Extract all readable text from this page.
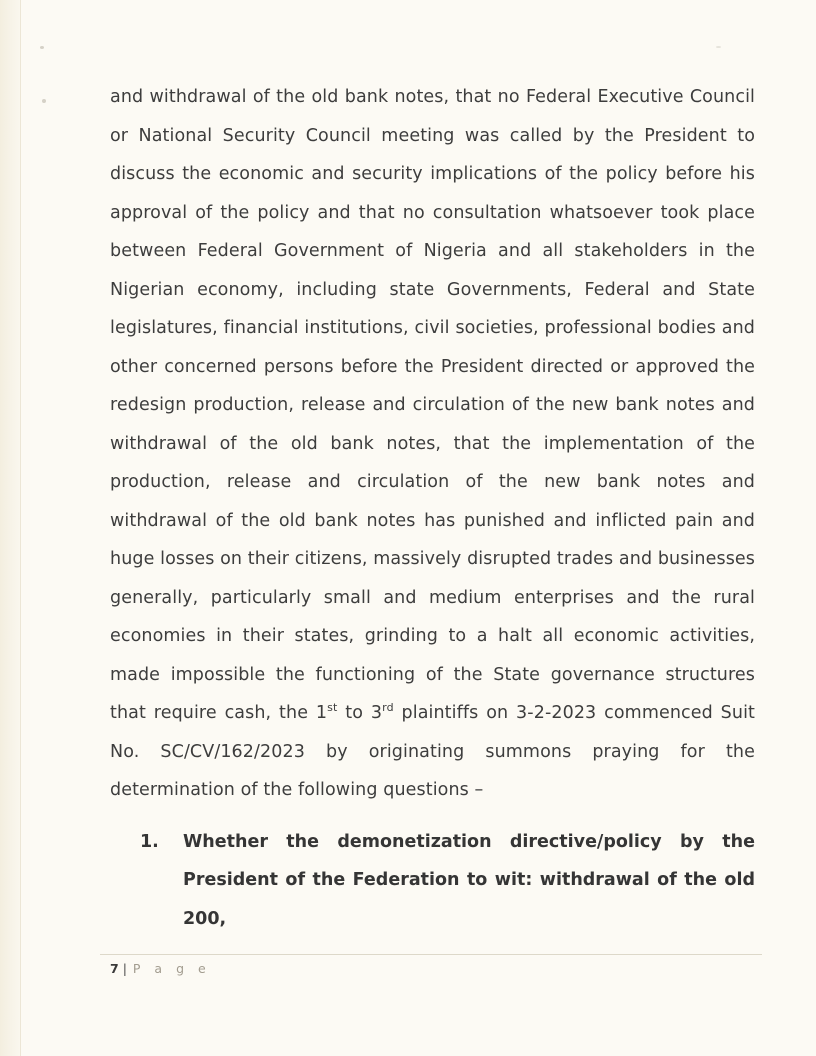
and withdrawal of the old bank notes, that no Federal Executive Council or National Security Council meeting was called by the President to discuss the economic and security implications of the policy before his approval of the policy and that no consultation whatsoever took place between Federal Government of Nigeria and all stakeholders in the Nigerian economy, including state Governments, Federal and State legislatures, financial institutions, civil societies, professional bodies and other concerned persons before the President directed or approved the redesign production, release and circulation of the new bank notes and withdrawal of the old bank notes, that the implementation of the production, release and circulation of the new bank notes and withdrawal of the old bank notes has punished and inflicted pain and huge losses on their citizens, massively disrupted trades and businesses generally, particularly small and medium enterprises and the rural economies in their states, grinding to a halt all economic activities, made impossible the functioning of the State governance structures that require cash, the 1st to 3rd plaintiffs on 3-2-2023 commenced Suit No. SC/CV/162/2023 by originating summons praying for the determination of the following questions –

1.	Whether the demonetization directive/policy by the President of the Federation to wit: withdrawal of the old 200,
7 | P a g e
